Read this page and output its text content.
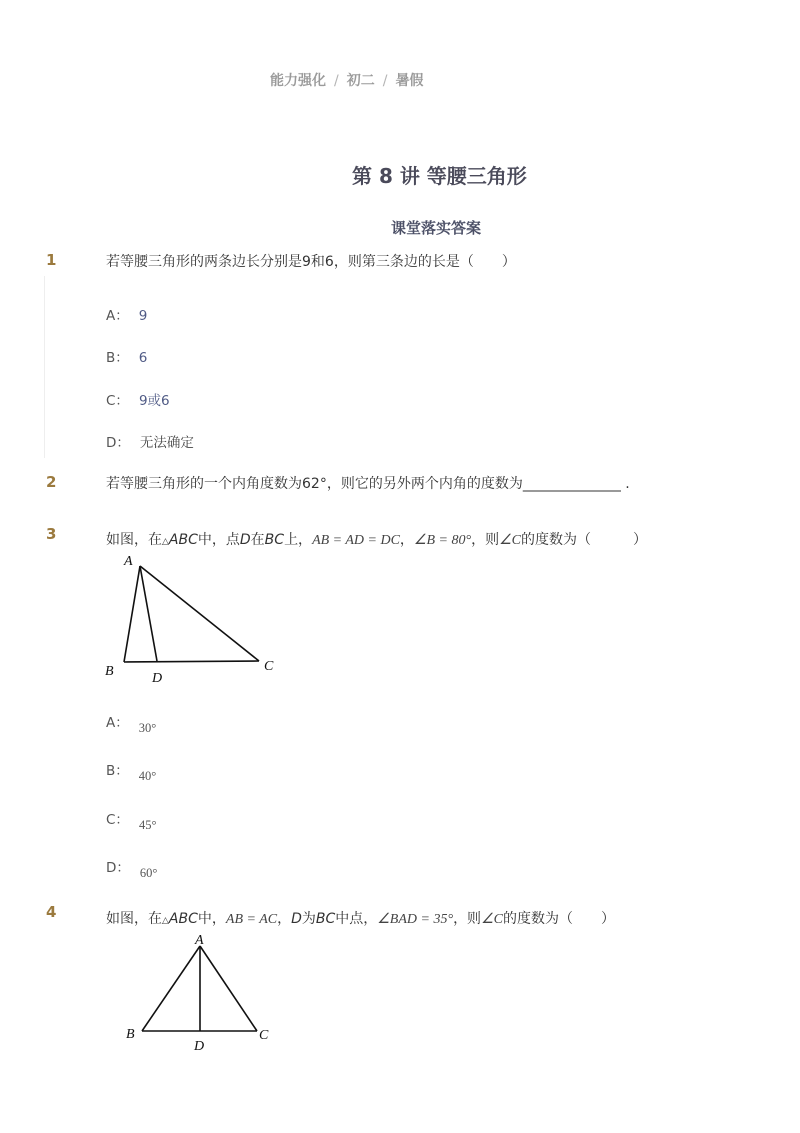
能力强化 / 初二 / 暑假
第 8 讲 等腰三角形
课堂落实答案
1	若等腰三角形的两条边长分别是9和6，则第三条边的长是（　　）
A： 9
B： 6
C： 9或6
D： 无法确定
2	若等腰三角形的一个内角度数为62°，则它的另外两个内角的度数为______________ .
3	如图，在△ABC中，点D在BC上，AB = AD = DC，∠B = 80°，则∠C的度数为（　　　）
A
B	D
C
A： 30°
B： 40°
C： 45°
D： 60°
4	如图，在△ABC中，AB = AC，D为BC中点，∠BAD = 35°，则∠C的度数为（　　）
A
B
D
C
